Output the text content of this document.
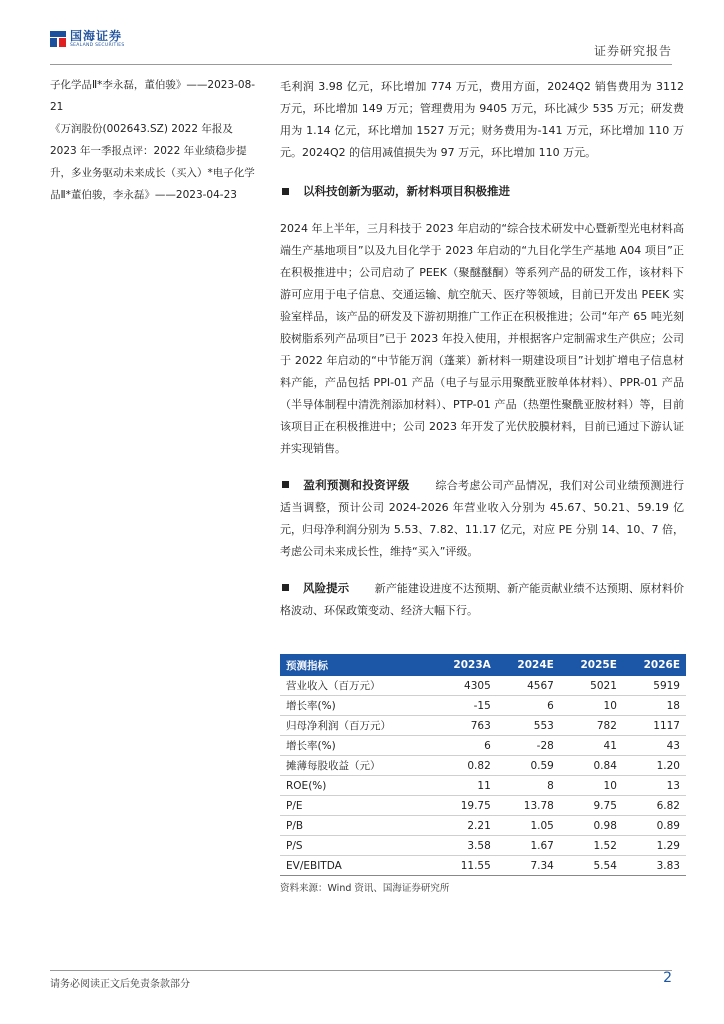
国海证券
SEALAND SECURITIES	证券研究报告

子化学品Ⅱ*李永磊，董伯骏》——2023-08-21

《万润股份(002643.SZ) 2022 年报及 2023 年一季报点评：2022 年业绩稳步提升，多业务驱动未来成长（买入）*电子化学品Ⅱ*董伯骏，李永磊》——2023-04-23

毛利润 3.98 亿元，环比增加 774 万元，费用方面，2024Q2 销售费用为 3112 万元，环比增加 149 万元；管理费用为 9405 万元，环比减少 535 万元；研发费用为 1.14 亿元，环比增加 1527 万元；财务费用为-141 万元，环比增加 110 万元。2024Q2 的信用减值损失为 97 万元，环比增加 110 万元。

以科技创新为驱动，新材料项目积极推进

2024 年上半年，三月科技于 2023 年启动的“综合技术研发中心暨新型光电材料高端生产基地项目”以及九目化学于 2023 年启动的“九目化学生产基地 A04 项目”正在积极推进中；公司启动了 PEEK（聚醚醚酮）等系列产品的研发工作，该材料下游可应用于电子信息、交通运输、航空航天、医疗等领域，目前已开发出 PEEK 实验室样品，该产品的研发及下游初期推广工作正在积极推进；公司“年产 65 吨光刻胶树脂系列产品项目”已于 2023 年投入使用，并根据客户定制需求生产供应；公司于 2022 年启动的“中节能万润（蓬莱）新材料一期建设项目”计划扩增电子信息材料产能，产品包括 PPI-01 产品（电子与显示用聚酰亚胺单体材料）、PPR-01 产品（半导体制程中清洗剂添加材料）、PTP-01 产品（热塑性聚酰亚胺材料）等，目前该项目正在积极推进中；公司 2023 年开发了光伏胶膜材料，目前已通过下游认证并实现销售。

盈利预测和投资评级 综合考虑公司产品情况，我们对公司业绩预测进行适当调整，预计公司 2024-2026 年营业收入分别为 45.67、50.21、59.19 亿元，归母净利润分别为 5.53、7.82、11.17 亿元，对应 PE 分别 14、10、7 倍，考虑公司未来成长性，维持“买入”评级。

风险提示 新产能建设进度不达预期、新产能贡献业绩不达预期、原材料价格波动、环保政策变动、经济大幅下行。

预测指标	2023A	2024E	2025E	2026E
营业收入（百万元）	4305	4567	5021	5919
增长率(%)	-15	6	10	18
归母净利润（百万元）	763	553	782	1117
增长率(%)	6	-28	41	43
摊薄每股收益（元）	0.82	0.59	0.84	1.20
ROE(%)	11	8	10	13
P/E	19.75	13.78	9.75	6.82
P/B	2.21	1.05	0.98	0.89
P/S	3.58	1.67	1.52	1.29
EV/EBITDA	11.55	7.34	5.54	3.83
资料来源：Wind 资讯、国海证券研究所
请务必阅读正文后免责条款部分	2
